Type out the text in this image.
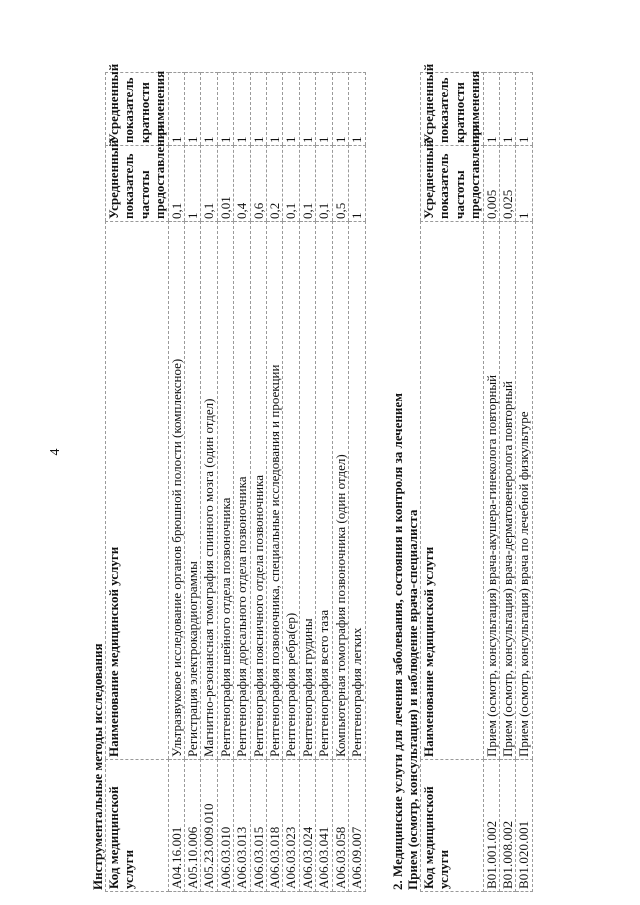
4
Инструментальные методы исследования Код медицинской услуги	Наименование медицинской услуги	Усредненный показатель частоты предоставления	Усредненный показатель кратности применения
A04.16.001	Ультразвуковое исследование органов брюшной полости (комплексное)	0,1	1
A05.10.006	Регистрация электрокардиограммы	1	1
A05.23.009.010	Магнитно-резонансная томография спинного мозга (один отдел)	0,1	1
A06.03.010	Рентгенография шейного отдела позвоночника	0,01	1
A06.03.013	Рентгенография дорсального отдела позвоночника	0,4	1
A06.03.015	Рентгенография поясничного отдела позвоночника	0,6	1
A06.03.018	Рентгенография позвоночника, специальные исследования и проекции	0,2	1
A06.03.023	Рентгенография ребра(ер)	0,1	1
A06.03.024	Рентгенография грудины	0,1	1
A06.03.041	Рентгенография всего таза	0,1	1
A06.03.058	Компьютерная томография позвоночника (один отдел)	0,5	1
A06.09.007	Рентгенография легких	1	1
2. Медицинские услуги для лечения заболевания, состояния и контроля за лечением Прием (осмотр, консультация) и наблюдение врача-специалиста Код медицинской услуги	Наименование медицинской услуги	Усредненный показатель частоты предоставления	Усредненный показатель кратности применения
B01.001.002	Прием (осмотр, консультация) врача-акушера-гинеколога повторный	0,005	1
B01.008.002	Прием (осмотр, консультация) врача-дерматовенеролога повторный	0,025	1
B01.020.001	Прием (осмотр, консультация) врача по лечебной физкультуре	1	1
